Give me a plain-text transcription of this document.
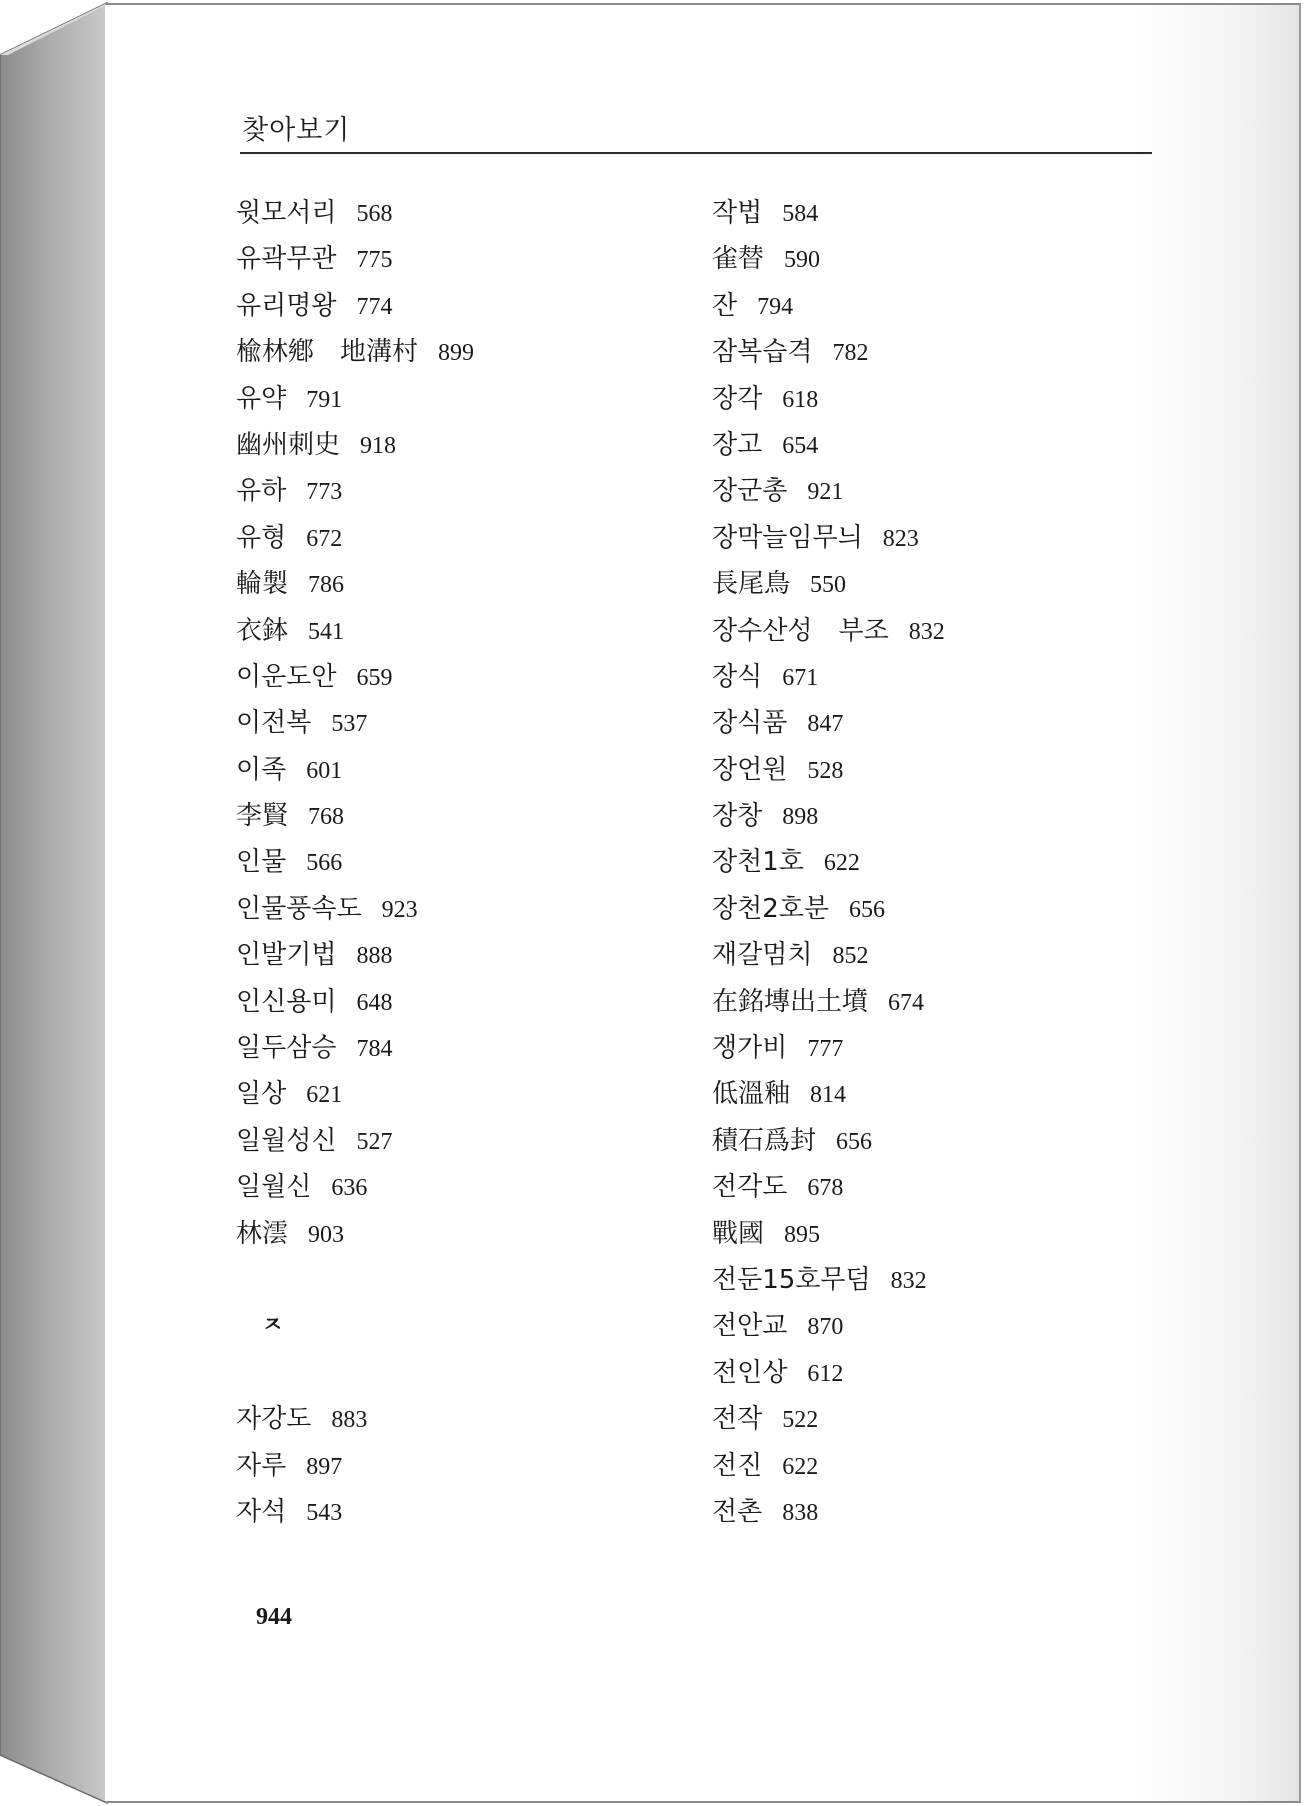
찾아보기
윗모서리 568
유곽무관 775
유리명왕 774
楡林鄕　地溝村 899
유약 791
幽州刺史 918
유하 773
유형 672
輪製 786
衣鉢 541
이운도안 659
이전복 537
이족 601
李賢 768
인물 566
인물풍속도 923
인발기법 888
인신용미 648
일두삼승 784
일상 621
일월성신 527
일월신 636
林澐 903
ㅈ
자강도 883
자루 897
자석 543
작법 584
雀替 590
잔 794
잠복습격 782
장각 618
장고 654
장군총 921
장막늘임무늬 823
長尾鳥 550
장수산성　부조 832
장식 671
장식품 847
장언원 528
장창 898
장천1호 622
장천2호분 656
재갈멈치 852
在銘塼出土墳 674
쟁가비 777
低溫釉 814
積石爲封 656
전각도 678
戰國 895
전둔15호무덤 832
전안교 870
전인상 612
전작 522
전진 622
전촌 838
944
